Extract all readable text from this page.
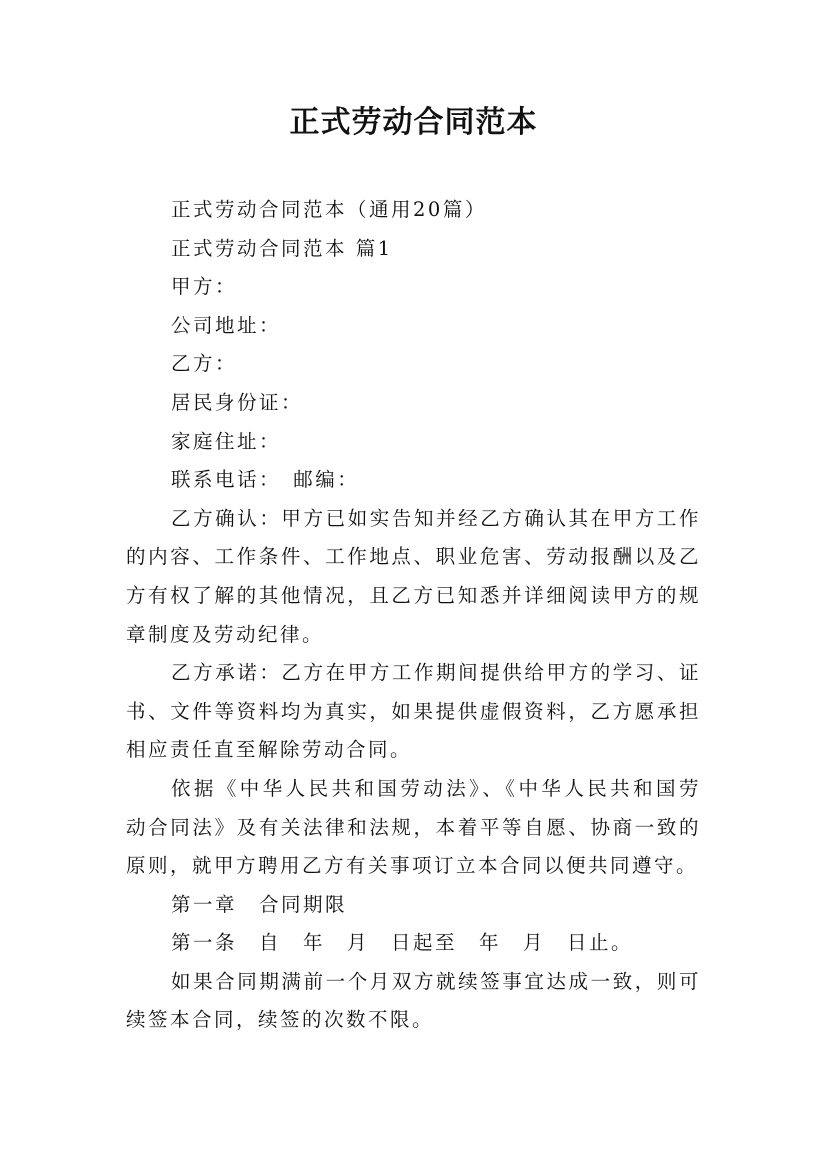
正式劳动合同范本

正式劳动合同范本（通用20篇）

正式劳动合同范本 篇1

甲方：

公司地址：

乙方：

居民身份证：

家庭住址：

联系电话：　邮编：

乙方确认：甲方已如实告知并经乙方确认其在甲方工作的内容、工作条件、工作地点、职业危害、劳动报酬以及乙方有权了解的其他情况，且乙方已知悉并详细阅读甲方的规章制度及劳动纪律。

乙方承诺：乙方在甲方工作期间提供给甲方的学习、证书、文件等资料均为真实，如果提供虚假资料，乙方愿承担相应责任直至解除劳动合同。

依据《中华人民共和国劳动法》、《中华人民共和国劳动合同法》及有关法律和法规，本着平等自愿、协商一致的原则，就甲方聘用乙方有关事项订立本合同以便共同遵守。

第一章　合同期限

第一条　自　年　月　日起至　年　月　日止。

如果合同期满前一个月双方就续签事宜达成一致，则可续签本合同，续签的次数不限。
